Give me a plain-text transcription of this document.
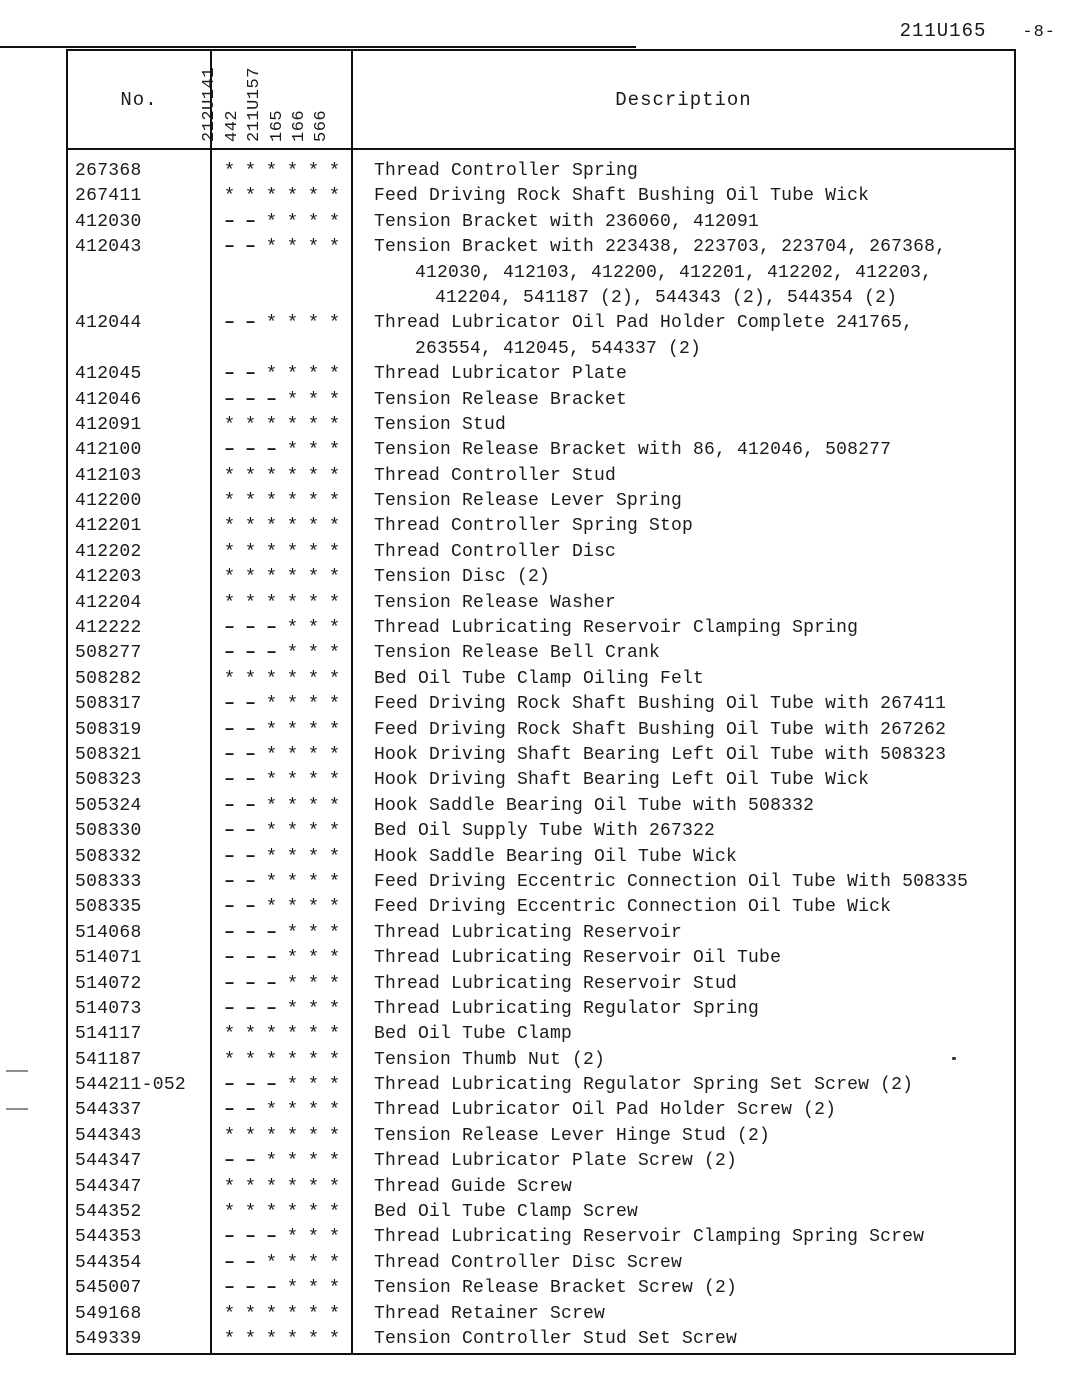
211U165 -8-
No.	212U141 442 211U157 165 166 566
Description
267368	* * * * * *	Thread Controller Spring
267411	* * * * * *	Feed Driving Rock Shaft Bushing Oil Tube Wick
412030	– – * * * *	Tension Bracket with 236060, 412091
412043	– – * * * *	Tension Bracket with 223438, 223703, 223704, 267368,
412030, 412103, 412200, 412201, 412202, 412203,
412204, 541187 (2), 544343 (2), 544354 (2)
412044	– – * * * *	Thread Lubricator Oil Pad Holder Complete 241765,
263554, 412045, 544337 (2)
412045	– – * * * *	Thread Lubricator Plate
412046	– – – * * *	Tension Release Bracket
412091	* * * * * *	Tension Stud
412100	– – – * * *	Tension Release Bracket with 86, 412046, 508277
412103	* * * * * *	Thread Controller Stud
412200	* * * * * *	Tension Release Lever Spring
412201	* * * * * *	Thread Controller Spring Stop
412202	* * * * * *	Thread Controller Disc
412203	* * * * * *	Tension Disc (2)
412204	* * * * * *	Tension Release Washer
412222	– – – * * *	Thread Lubricating Reservoir Clamping Spring
508277	– – – * * *	Tension Release Bell Crank
508282	* * * * * *	Bed Oil Tube Clamp Oiling Felt
508317	– – * * * *	Feed Driving Rock Shaft Bushing Oil Tube with 267411
508319	– – * * * *	Feed Driving Rock Shaft Bushing Oil Tube with 267262
508321	– – * * * *	Hook Driving Shaft Bearing Left Oil Tube with 508323
508323	– – * * * *	Hook Driving Shaft Bearing Left Oil Tube Wick
505324	– – * * * *	Hook Saddle Bearing Oil Tube with 508332
508330	– – * * * *	Bed Oil Supply Tube With 267322
508332	– – * * * *	Hook Saddle Bearing Oil Tube Wick
508333	– – * * * *	Feed Driving Eccentric Connection Oil Tube With 508335
508335	– – * * * *	Feed Driving Eccentric Connection Oil Tube Wick
514068	– – – * * *	Thread Lubricating Reservoir
514071	– – – * * *	Thread Lubricating Reservoir Oil Tube
514072	– – – * * *	Thread Lubricating Reservoir Stud
514073	– – – * * *	Thread Lubricating Regulator Spring
514117	* * * * * *	Bed Oil Tube Clamp
541187	* * * * * *	Tension Thumb Nut (2)
544211-052	– – – * * *	Thread Lubricating Regulator Spring Set Screw (2)
544337	– – * * * *	Thread Lubricator Oil Pad Holder Screw (2)
544343	* * * * * *	Tension Release Lever Hinge Stud (2)
544347	– – * * * *	Thread Lubricator Plate Screw (2)
544347	* * * * * *	Thread Guide Screw
544352	* * * * * *	Bed Oil Tube Clamp Screw
544353	– – – * * *	Thread Lubricating Reservoir Clamping Spring Screw
544354	– – * * * *	Thread Controller Disc Screw
545007	– – – * * *	Tension Release Bracket Screw (2)
549168	* * * * * *	Thread Retainer Screw
549339	* * * * * *	Tension Controller Stud Set Screw
